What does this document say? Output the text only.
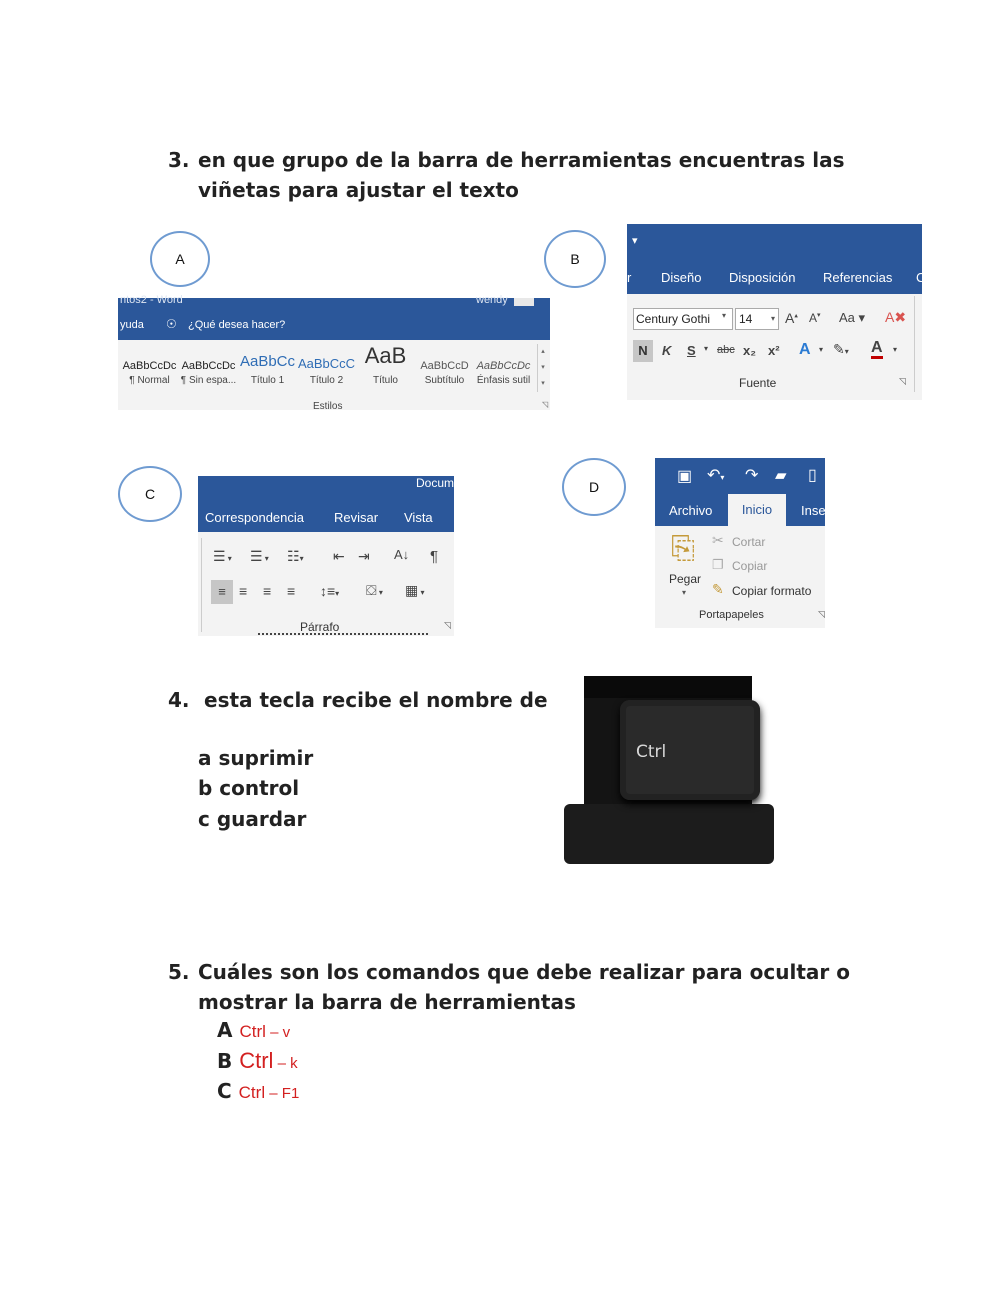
3. en que grupo de la barra de herramientas encuentras las
viñetas para ajustar el texto
A
ntos2 - Word	wendy
yuda ☉ ¿Qué desea hacer?
AaBbCcDc
¶ Normal
AaBbCcDc
¶ Sin espa...
AaBbCc
Título 1
AaBbCcC
Título 2
AaB
Título
AaBbCcD
Subtítulo
AaBbCcDc
Énfasis sutil
▴
▾
▾
Estilos	◹
B
▾
r Diseño Disposición Referencias C
Century Gothi	▾	14 ▾ A▴ A▾ Aa ▾ A✖
N	K S ▾ abc x₂ x² A ▾ ✎▾ A ▾
Fuente	◹
C
Docum
Correspondencia Revisar Vista
☰ ▾ ☰ ▾ ☷▾ ⇤ ⇥ A↓ ¶
≡ ≡ ≡ ≡ ↕≡▾ ⛋ ▾ ▦ ▾
Párrafo	◹
D
▣ ↶▾ ↷ ▰ ▯
Archivo	Inicio	Inser
⎘
Pegar
▾
✂ Cortar
❐ Copiar
✎ Copiar formato
Portapapeles	◹
4. esta tecla recibe el nombre de
a suprimir
b control
c guardar
Ctrl
5. Cuáles son los comandos que debe realizar para ocultar o
mostrar la barra de herramientas
A Ctrl – v
B Ctrl – k
C Ctrl – F1
